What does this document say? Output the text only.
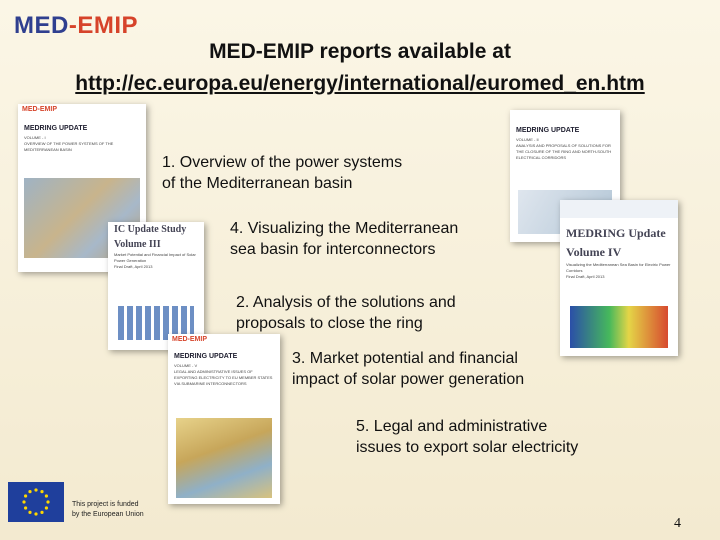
MED-EMIP
MED-EMIP reports available at
http://ec.europa.eu/energy/international/euromed_en.htm
MED-EMIP
MEDRING UPDATE
VOLUME - I
OVERVIEW OF THE POWER SYSTEMS OF THE MEDITERRANEAN BASIN
IC Update Study
Volume III
Market Potential and Financial Impact of Solar Power Generation
Final Draft, April 2013
MED-EMIP
MEDRING UPDATE
VOLUME - V
LEGAL AND ADMINISTRATIVE ISSUES OF EXPORTING ELECTRICITY TO EU MEMBER STATES VIA SUBMARINE INTERCONNECTORS
MEDRING UPDATE
VOLUME - II
ANALYSIS AND PROPOSALS OF SOLUTIONS FOR THE CLOSURE OF THE RING AND NORTH-SOUTH ELECTRICAL CORRIDORS
MEDRING Update
Volume IV
Visualizing the Mediterranean Sea Basin for Electric Power Corridors
Final Draft, April 2013
1. Overview of the power systems
of the Mediterranean basin
4. Visualizing the Mediterranean
sea basin for interconnectors
2. Analysis of the solutions and
proposals to close the ring
3. Market potential and financial
impact of solar power generation
5. Legal and administrative
issues to export solar electricity
This project is funded
by the European Union
4
